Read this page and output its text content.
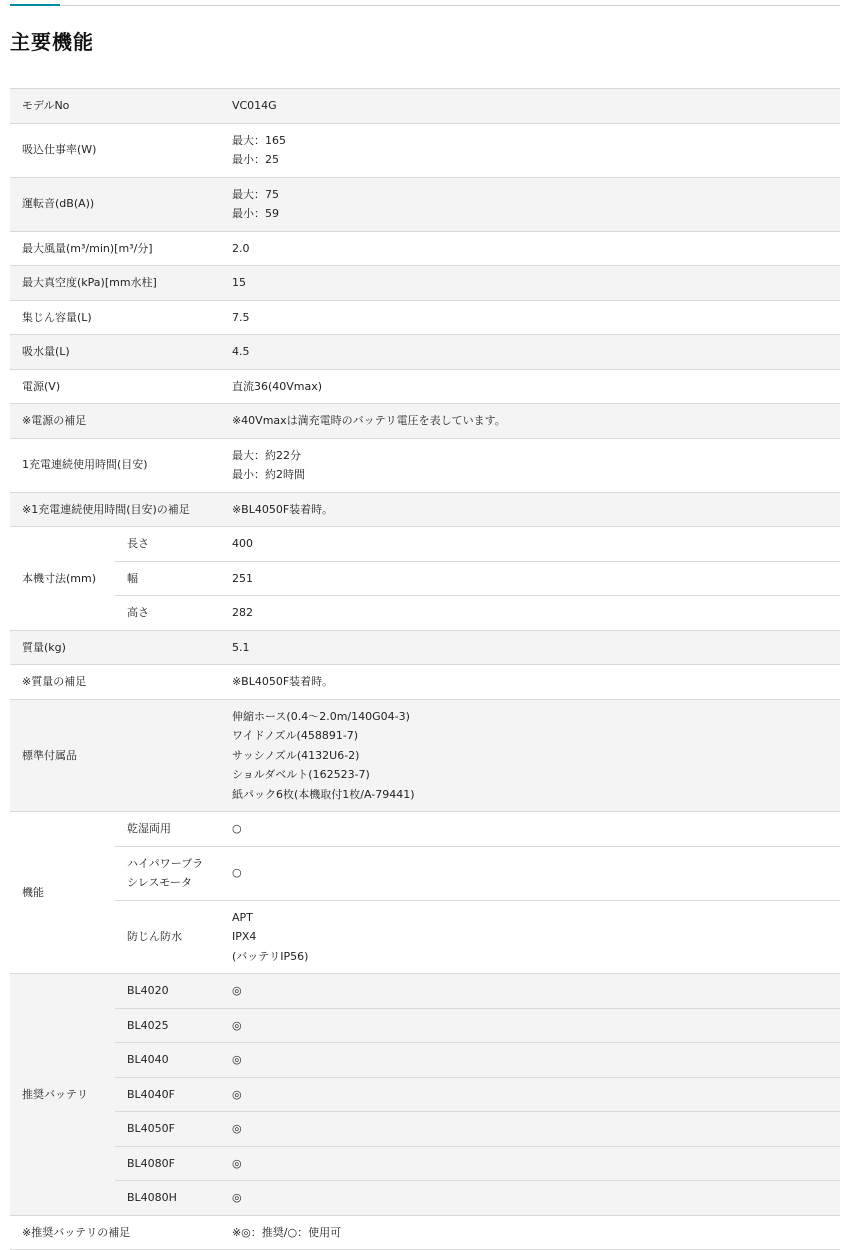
主要機能
モデルNo		VC014G

吸込仕事率(W)		最大：165
最小：25

運転音(dB(A))		最大：75
最小：59

最大風量(m³/min)[m³/分]		2.0

最大真空度(kPa)[mm水柱]		15

集じん容量(L)		7.5

吸水量(L)		4.5

電源(V)		直流36(40Vmax)

※電源の補足		※40Vmaxは満充電時のバッテリ電圧を表しています。

1充電連続使用時間(目安)		最大：約22分
最小：約2時間

※1充電連続使用時間(目安)の補足		※BL4050F装着時。

本機寸法(mm)	長さ	400
	幅	251
	高さ	282
質量(kg)		5.1

※質量の補足		※BL4050F装着時。

標準付属品		伸縮ホース(0.4〜2.0m/140G04-3)
ワイドノズル(458891-7)
サッシノズル(4132U6-2)
ショルダベルト(162523-7)
紙パック6枚(本機取付1枚/A-79441)

機能	乾湿両用	○

	ハイパワーブラシレスモータ	○

	防じん防水	APT
IPX4
(バッテリIP56)

推奨バッテリ	BL4020	◎
	BL4025	◎
	BL4040	◎
	BL4040F	◎
	BL4050F	◎
	BL4080F	◎
	BL4080H	◎
※推奨バッテリの補足		※◎：推奨/○：使用可
